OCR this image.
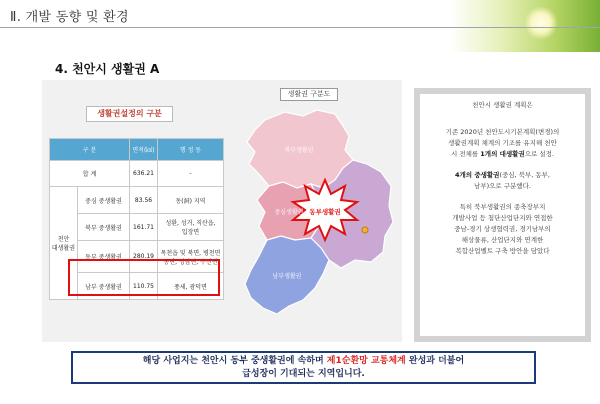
Ⅱ. 개발 동향 및 환경
4. 천안시 생활권 A
생활권설정의 구분
구 분		면적(㎢)	행 정 동
합 계		636.21	-
천안
대생활권	중심 중생활권	83.56	동(洞) 지역
	북부 중생활권	161.71	성환, 성거, 직산읍,
입장면
	동부 중생활권	280.19	목천읍 및 북면, 병천면
동면, 성남면, 수신면
	남부 중생활권	110.75	풍세, 광덕면
생활권 구분도
북부생활권
중심생활권 동부생활권
남부생활권

천안시 생활권 계획은

기존 2020년 천안도시기본계획(변경)의
생활권계획 체계의 기조를 유지해 천안
시 전체를 1개의 대생활권으로 설정.

4개의 중생활권(중심, 북부, 동부,
남부)으로 구분했다.

특히 북부생활권의 종축장부지
개발사업 등 첨단산업단지와 연접한
중남-경기 상생협력권, 경기남부의
해상물류, 산업단지와 연계한
복합산업벨트 구축 방안을 담았다

해당 사업지는 천안시 동부 중생활권에 속하며 제1순환망 교통체계 완성과 더불어
급성장이 기대되는 지역입니다.
